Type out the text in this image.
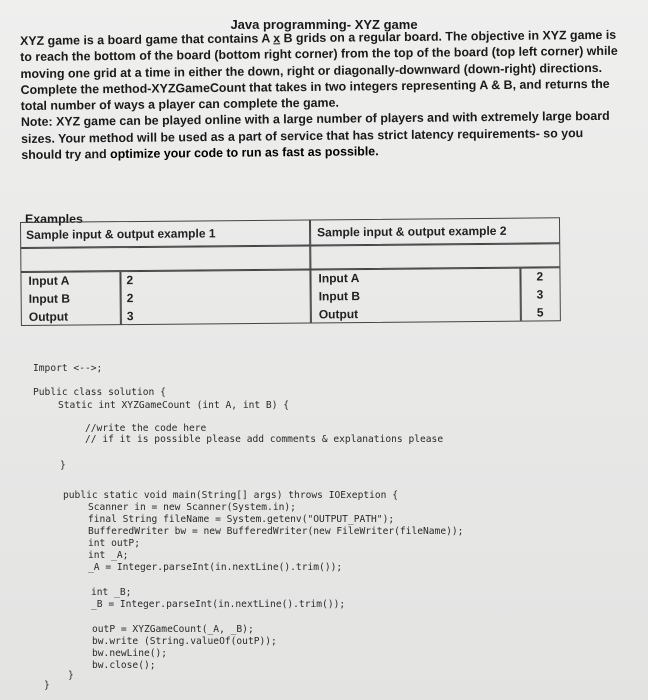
Java programming- XYZ game

XYZ game is a board game that contains A x B grids on a regular board. The objective in XYZ game is to reach the bottom of the board (bottom right corner) from the top of the board (top left corner) while moving one grid at a time in either the down, right or diagonally-downward (down-right) directions.

Complete the method-XYZGameCount that takes in two integers representing A & B, and returns the total number of ways a player can complete the game.

Note: XYZ game can be played online with a large number of players and with extremely large board sizes. Your method will be used as a part of service that has strict latency requirements- so you should try and optimize your code to run as fast as possible.

Examples
Sample input & output example 1
Input A	2
Input B	2
Output	3
Sample input & output example 2
Input A	2
Input B	3
Output	5
Import <-->;
Public class solution {
Static int XYZGameCount (int A, int B) {
//write the code here
// if it is possible please add comments & explanations please
}
public static void main(String[] args) throws IOExeption {
Scanner in = new Scanner(System.in);
final String fileName = System.getenv("OUTPUT_PATH");
BufferedWriter bw = new BufferedWriter(new FileWriter(fileName));
int outP;
int _A;
_A = Integer.parseInt(in.nextLine().trim());
int _B;
_B = Integer.parseInt(in.nextLine().trim());
outP = XYZGameCount(_A, _B);
bw.write (String.valueOf(outP));
bw.newLine();
bw.close();
}
}
